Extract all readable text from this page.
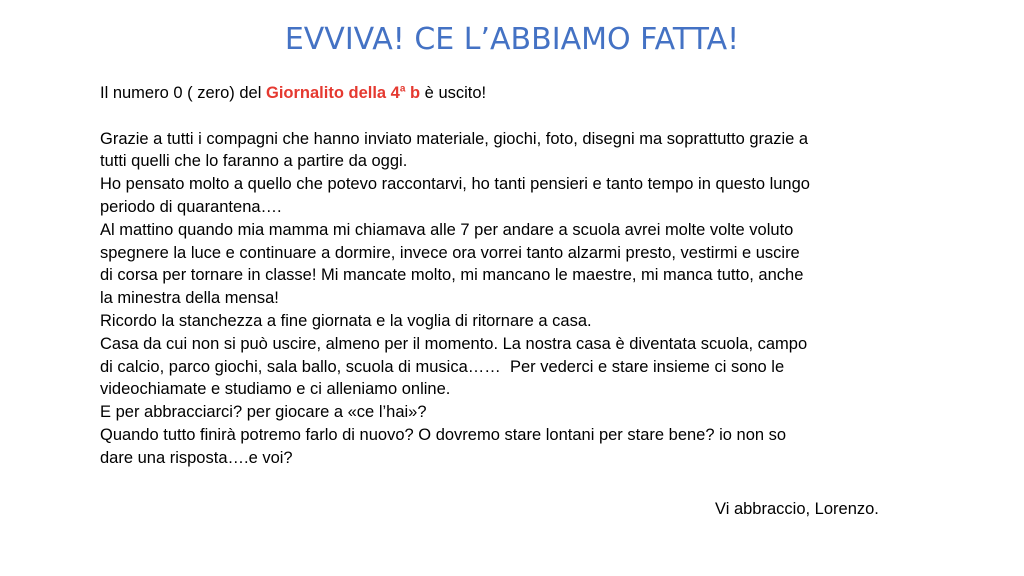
EVVIVA! CE L’ABBIAMO FATTA!

Il numero 0 ( zero) del Giornalito della 4$^a$ b è uscito!

Grazie a tutti i compagni che hanno inviato materiale, giochi, foto, disegni ma soprattutto grazie a

tutti quelli che lo faranno a partire da oggi.

Ho pensato molto a quello che potevo raccontarvi, ho tanti pensieri e tanto tempo in questo lungo

periodo di quarantena….

Al mattino quando mia mamma mi chiamava alle 7 per andare a scuola avrei molte volte voluto

spegnere la luce e continuare a dormire, invece ora vorrei tanto alzarmi presto, vestirmi e uscire

di corsa per tornare in classe! Mi mancate molto, mi mancano le maestre, mi manca tutto, anche

la minestra della mensa!

Ricordo la stanchezza a fine giornata e la voglia di ritornare a casa.

Casa da cui non si può uscire, almeno per il momento. La nostra casa è diventata scuola, campo

di calcio, parco giochi, sala ballo, scuola di musica……  Per vederci e stare insieme ci sono le

videochiamate e studiamo e ci alleniamo online.

E per abbracciarci? per giocare a «ce l’hai»?

Quando tutto finirà potremo farlo di nuovo? O dovremo stare lontani per stare bene? io non so

dare una risposta….e voi?

Vi abbraccio, Lorenzo.
